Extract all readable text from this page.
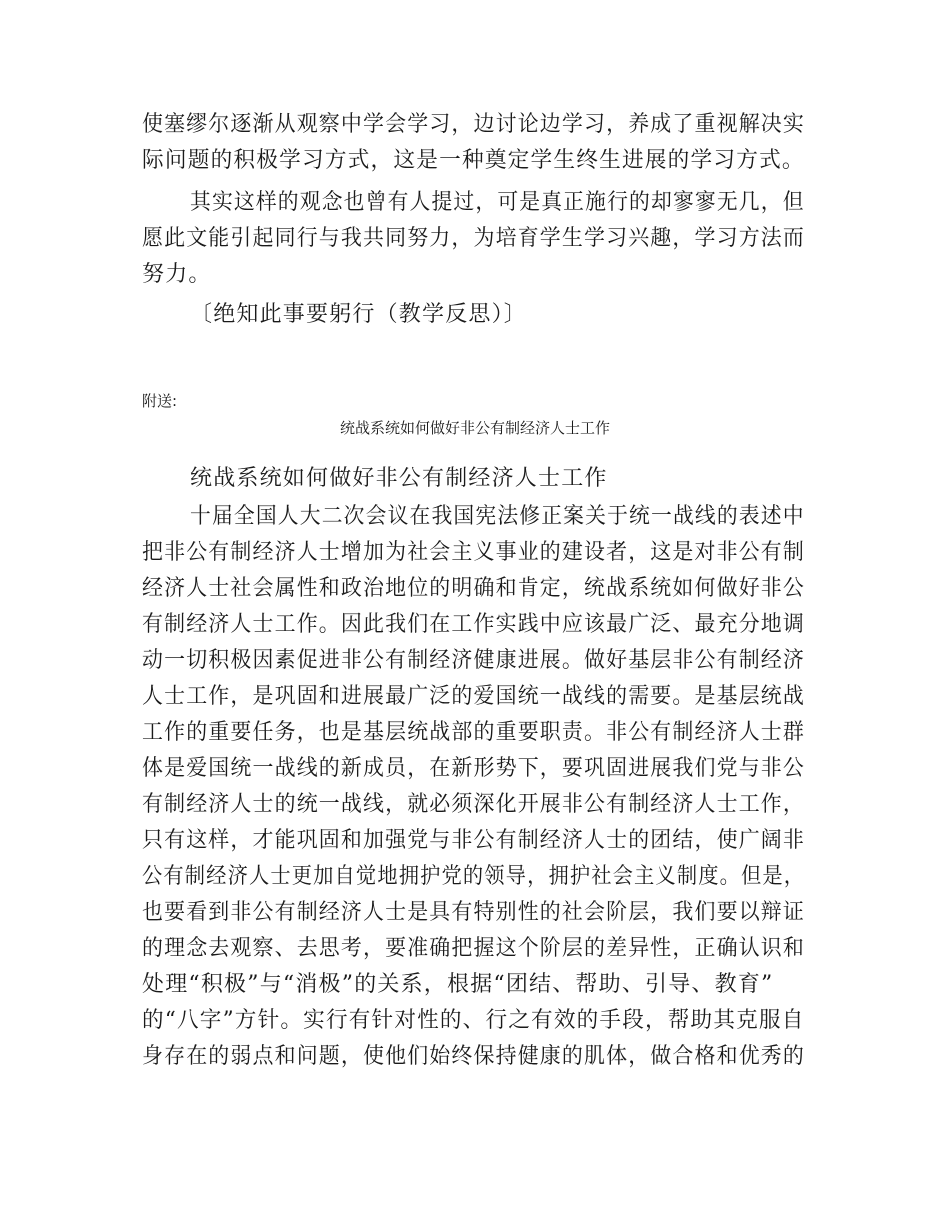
使塞缪尔逐渐从观察中学会学习，边讨论边学习，养成了重视解决实
际问题的积极学习方式，这是一种奠定学生终生进展的学习方式。
其实这样的观念也曾有人提过，可是真正施行的却寥寥无几，但
愿此文能引起同行与我共同努力，为培育学生学习兴趣，学习方法而
努力。
〔绝知此事要躬行（教学反思）〕
附送:
统战系统如何做好非公有制经济人士工作
统战系统如何做好非公有制经济人士工作
十届全国人大二次会议在我国宪法修正案关于统一战线的表述中
把非公有制经济人士增加为社会主义事业的建设者，这是对非公有制
经济人士社会属性和政治地位的明确和肯定，统战系统如何做好非公
有制经济人士工作。因此我们在工作实践中应该最广泛、最充分地调
动一切积极因素促进非公有制经济健康进展。做好基层非公有制经济
人士工作，是巩固和进展最广泛的爱国统一战线的需要。是基层统战
工作的重要任务，也是基层统战部的重要职责。非公有制经济人士群
体是爱国统一战线的新成员，在新形势下，要巩固进展我们党与非公
有制经济人士的统一战线，就必须深化开展非公有制经济人士工作，
只有这样，才能巩固和加强党与非公有制经济人士的团结，使广阔非
公有制经济人士更加自觉地拥护党的领导，拥护社会主义制度。但是，
也要看到非公有制经济人士是具有特别性的社会阶层，我们要以辩证
的理念去观察、去思考，要准确把握这个阶层的差异性，正确认识和
处理“积极”与“消极”的关系，根据“团结、帮助、引导、教育”
的“八字”方针。实行有针对性的、行之有效的手段，帮助其克服自
身存在的弱点和问题，使他们始终保持健康的肌体，做合格和优秀的
